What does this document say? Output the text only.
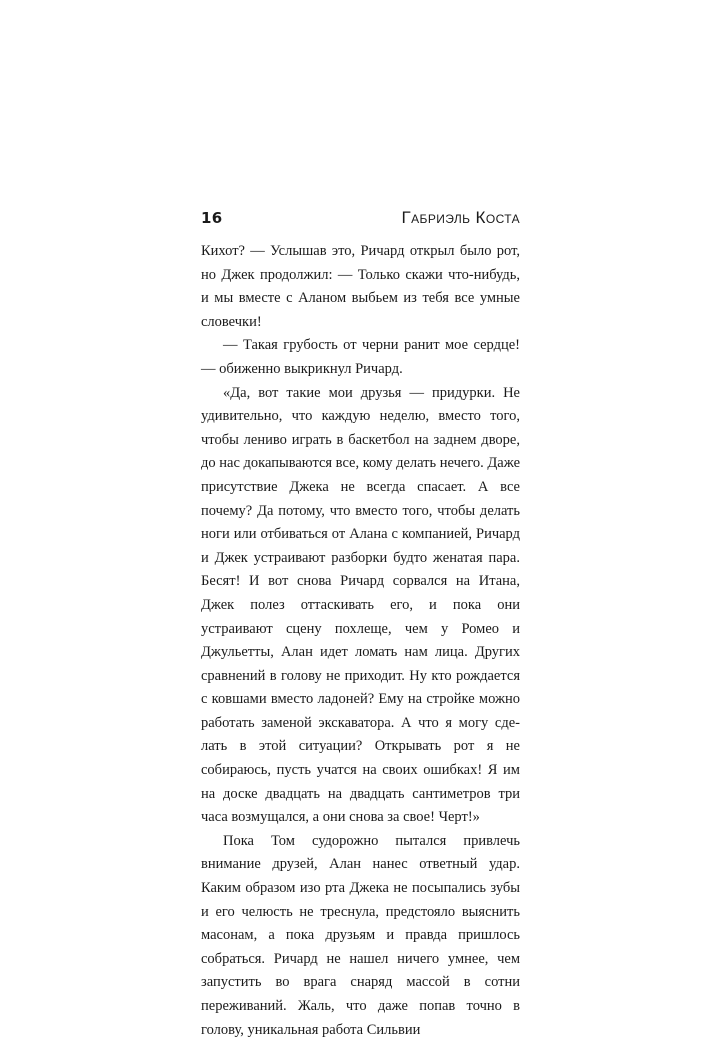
16	Габриэль Коста

Кихот? — Услышав это, Ричард открыл было рот, но Джек продолжил: — Только скажи что-нибудь, и мы вместе с Аланом выбьем из тебя все умные словечки!

— Такая грубость от черни ранит мое сердце! — обиженно выкрикнул Ричард.

«Да, вот такие мои друзья — придурки. Не удивительно, что каждую неделю, вместо того, чтобы лениво играть в баскетбол на заднем дворе, до нас докапываются все, кому делать нечего. Даже присутствие Джека не всегда спасает. А все почему? Да потому, что вместо того, чтобы делать ноги или отбиваться от Алана с компанией, Ричард и Джек устраивают разборки будто женатая пара. Бесят! И вот снова Ричард сорвался на Итана, Джек полез оттаскивать его, и пока они устраивают сцену похлеще, чем у Ромео и Джульетты, Алан идет ломать нам лица. Других сравнений в голову не приходит. Ну кто рождается с ковшами вместо ладоней? Ему на стройке можно работать заменой экскаватора. А что я могу сделать в этой ситуации? Открывать рот я не собираюсь, пусть учатся на своих ошибках! Я им на доске двадцать на двадцать сантиметров три часа возмущался, а они снова за свое! Черт!»

Пока Том судорожно пытался привлечь внимание друзей, Алан нанес ответный удар. Каким образом изо рта Джека не посыпались зубы и его челюсть не треснула, предстояло выяснить масонам, а пока друзьям и правда пришлось собраться. Ричард не нашел ничего умнее, чем запустить во врага снаряд массой в сотни переживаний. Жаль, что даже попав точно в голову, уникальная работа Сильвии
